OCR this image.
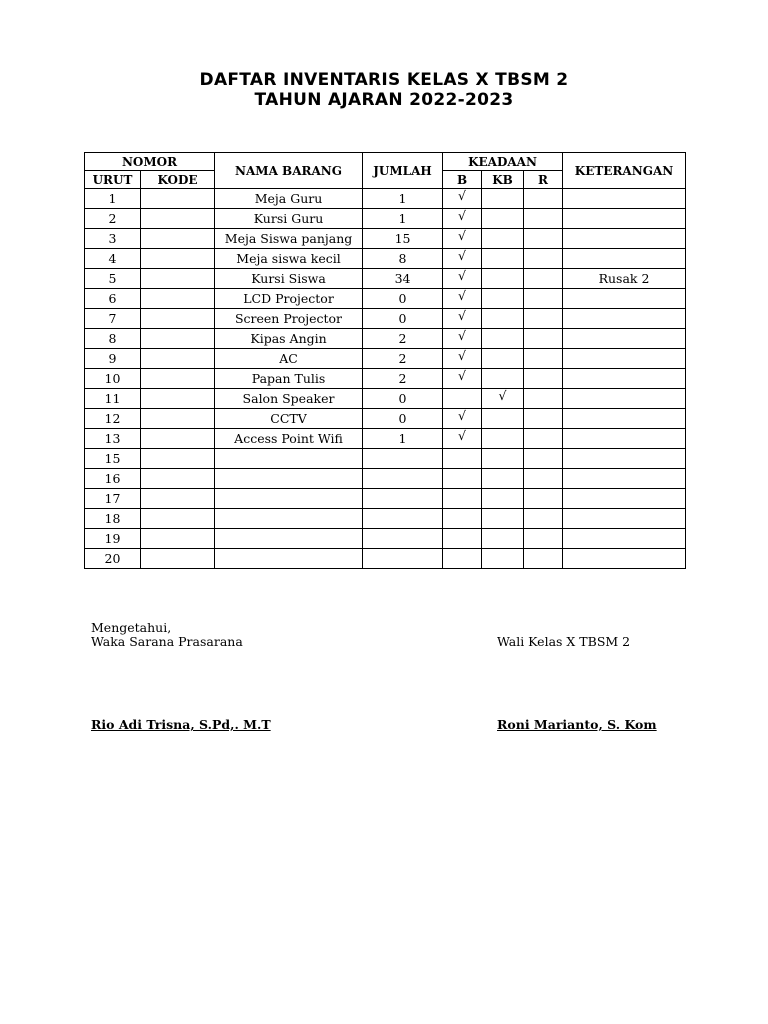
DAFTAR INVENTARIS KELAS X TBSM 2
TAHUN AJARAN 2022-2023
NOMOR		NAMA BARANG	JUMLAH	KEADAAN			KETERANGAN
URUT	KODE			B	KB	R	
1		Meja Guru	1	√			
2		Kursi Guru	1	√			
3		Meja Siswa panjang	15	√			
4		Meja siswa kecil	8	√			
5		Kursi Siswa	34	√			Rusak 2
6		LCD Projector	0	√			
7		Screen Projector	0	√			
8		Kipas Angin	2	√			
9		AC	2	√			
10		Papan Tulis	2	√			
11		Salon Speaker	0		√		
12		CCTV	0	√			
13		Access Point Wifi	1	√			
15							
16							
17							
18							
19							
20							
Mengetahui,
Waka Sarana Prasarana	Wali Kelas X TBSM 2
Rio Adi Trisna, S.Pd,. M.T	Roni Marianto, S. Kom
